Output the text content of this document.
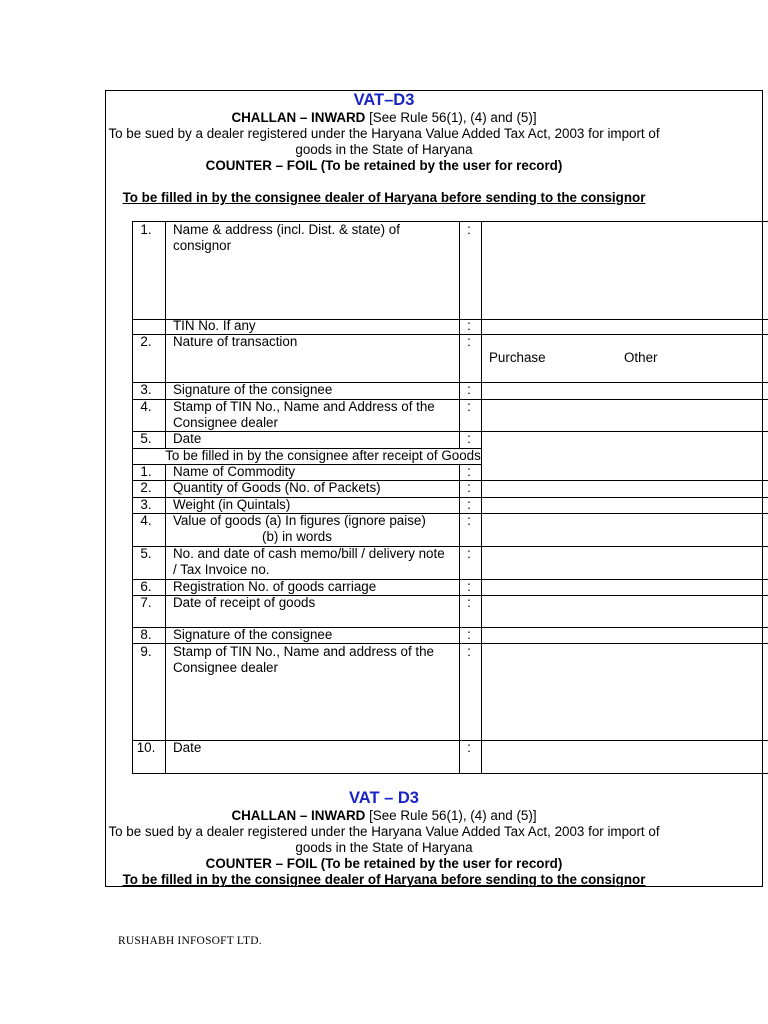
VAT–D3
CHALLAN – INWARD [See Rule 56(1), (4) and (5)]
To be sued by a dealer registered under the Haryana Value Added Tax Act, 2003 for import of
goods in the State of Haryana
COUNTER – FOIL (To be retained by the user for record)
To be filled in by the consignee dealer of Haryana before sending to the consignor
1.	Name & address (incl. Dist. & state) of
consignor
:
TIN No. If any	:
2.	Nature of transaction	:
Purchase	Other
3.	Signature of the consignee	:
4.	Stamp of TIN No., Name and Address of the
Consignee dealer
:
5.	Date	:
To be filled in by the consignee after receipt of Goods
1.	Name of Commodity	:
2.	Quantity of Goods (No. of Packets)	:
3.	Weight (in Quintals)	:
4.	Value of goods (a) In figures (ignore paise)
(b) in words
:
5.	No. and date of cash memo/bill / delivery note
/ Tax Invoice no.
:
6.	Registration No. of goods carriage	:
7.	Date of receipt of goods	:
8.	Signature of the consignee	:
9.	Stamp of TIN No., Name and address of the
Consignee dealer
:
10.	Date	:
VAT – D3
CHALLAN – INWARD [See Rule 56(1), (4) and (5)]
To be sued by a dealer registered under the Haryana Value Added Tax Act, 2003 for import of
goods in the State of Haryana
COUNTER – FOIL (To be retained by the user for record)
To be filled in by the consignee dealer of Haryana before sending to the consignor
RUSHABH INFOSOFT LTD.
